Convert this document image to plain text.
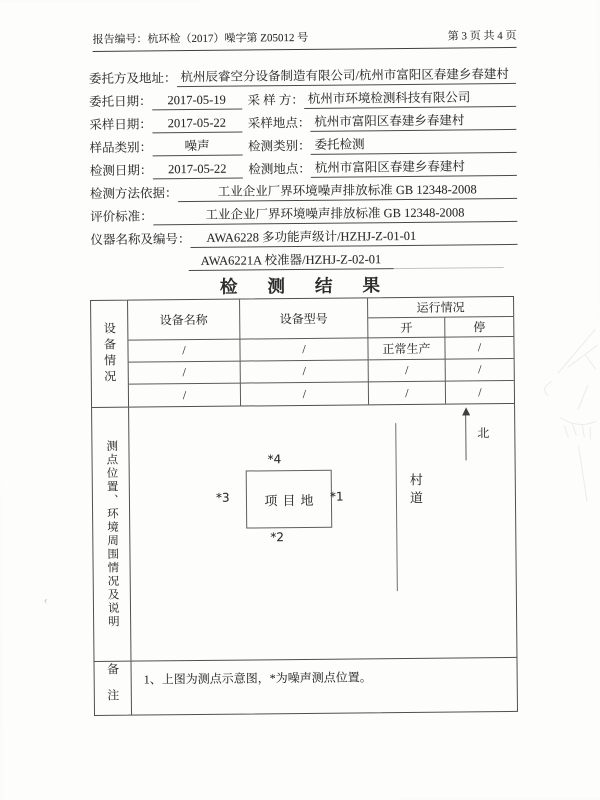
报告编号：杭环检（2017）噪字第 Z05012 号	第 3 页 共 4 页
委托方及地址： 杭州辰睿空分设备制造有限公司/杭州市富阳区春建乡春建村
委托日期：	2017-05-19	采 样 方： 杭州市环境检测科技有限公司
采样日期：	2017-05-22	采样地点： 杭州市富阳区春建乡春建村
样品类别：	噪声	检测类别： 委托检测
检测日期：	2017-05-22	检测地点： 杭州市富阳区春建乡春建村
检测方法依据：	工业企业厂界环境噪声排放标准 GB 12348-2008
评价标准：	工业企业厂界环境噪声排放标准 GB 12348-2008
仪器名称及编号：	AWA6228 多功能声级计/HZHJ-Z-01-01
AWA6221A 校准器/HZHJ-Z-02-01
检测结果
设备情况
设备名称	设备型号
运行情况
开	停
/	/	正常生产	/
/	/	/	/
/	/	/	/
测点位置、环境周围情况及说明
北
村道
项目地 *1
*2
*3
*4
备注	1、上图为测点示意图，*为噪声测点位置。
‹
